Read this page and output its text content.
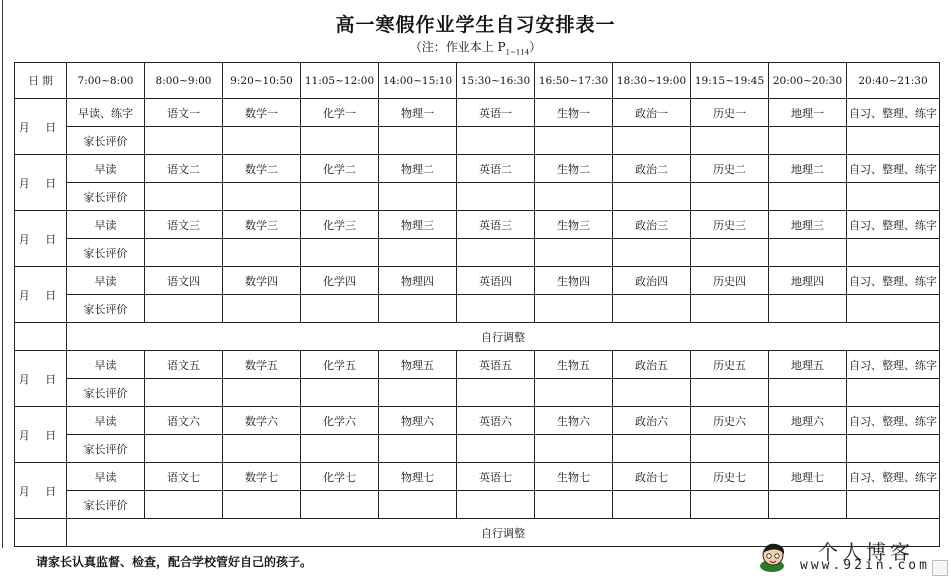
高一寒假作业学生自习安排表一
（注：作业本上 $P_{1\sim 114}$）
日 期	7:00~8:00	8:00~9:00	9:20~10:50	11:05~12:00	14:00~15:10	15:30~16:30	16:50~17:30	18:30~19:00	19:15~19:45	20:00~20:30	20:40~21:30
月 日	早读、练字	语文一	数学一	化学一	物理一	英语一	生物一	政治一	历史一	地理一	自习、整理、练字
	家长评价										
月 日	早读	语文二	数学二	化学二	物理二	英语二	生物二	政治二	历史二	地理二	自习、整理、练字
	家长评价										
月 日	早读	语文三	数学三	化学三	物理三	英语三	生物三	政治三	历史三	地理三	自习、整理、练字
	家长评价										
月 日	早读	语文四	数学四	化学四	物理四	英语四	生物四	政治四	历史四	地理四	自习、整理、练字
	家长评价										
	自行调整										
月 日	早读	语文五	数学五	化学五	物理五	英语五	生物五	政治五	历史五	地理五	自习、整理、练字
	家长评价										
月 日	早读	语文六	数学六	化学六	物理六	英语六	生物六	政治六	历史六	地理六	自习、整理、练字
	家长评价										
月 日	早读	语文七	数学七	化学七	物理七	英语七	生物七	政治七	历史七	地理七	自习、整理、练字
	家长评价										
	自行调整										
请家长认真监督、检查，配合学校管好自己的孩子。	个人博客
www.92in.com
